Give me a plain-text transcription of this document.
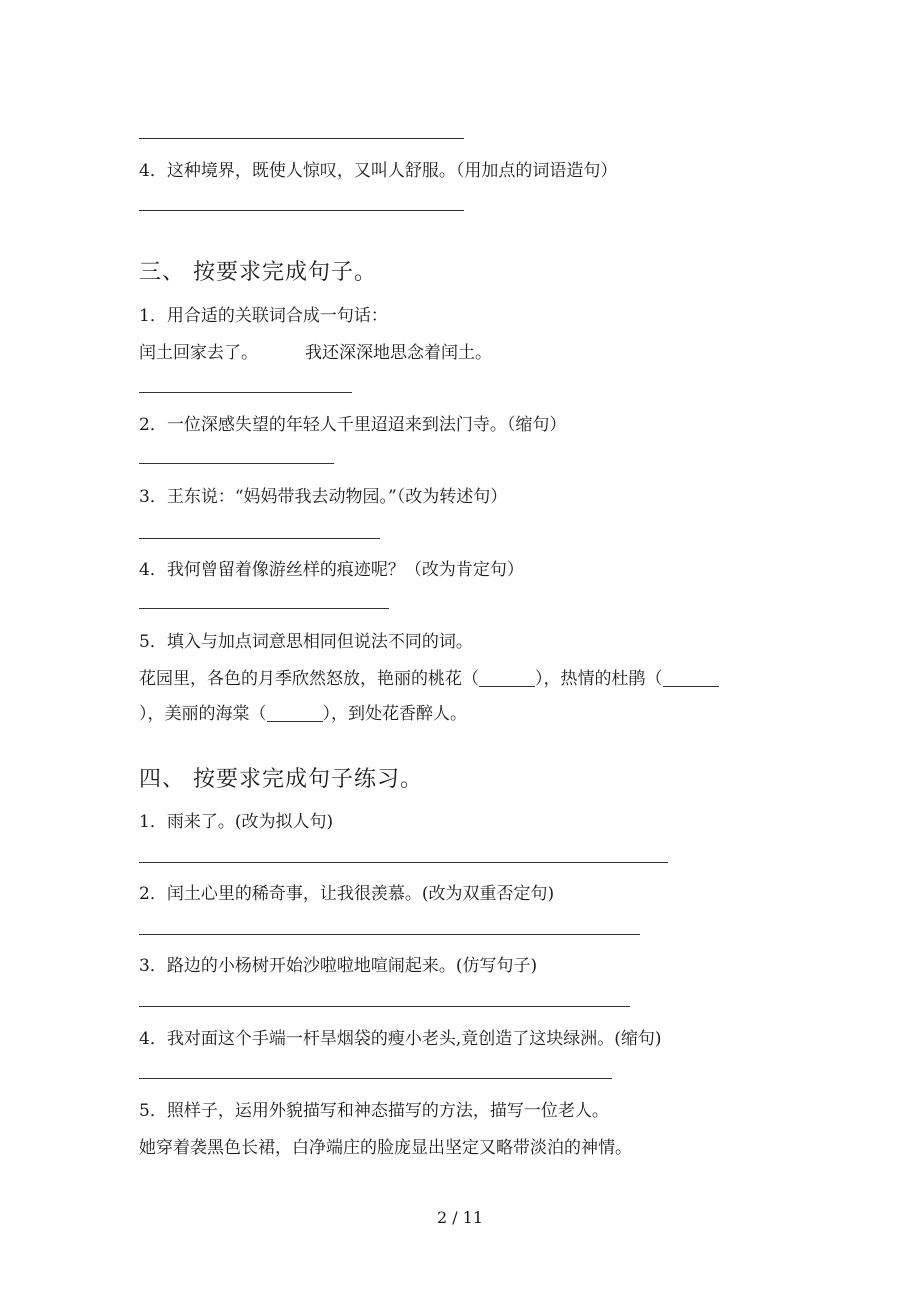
4．这种境界，既使人惊叹，又叫人舒服。（用加点的词语造句）
三、 按要求完成句子。
1．用合适的关联词合成一句话：
闰土回家去了。	我还深深地思念着闰土。
2．一位深感失望的年轻人千里迢迢来到法门寺。（缩句）
3．王东说：“妈妈带我去动物园。”（改为转述句）
4．我何曾留着像游丝样的痕迹呢？（改为肯定句）
5．填入与加点词意思相同但说法不同的词。
花园里，各色的月季欣然怒放，艳丽的桃花（	），热情的杜鹃（
），美丽的海棠（	），到处花香醉人。
四、 按要求完成句子练习。
1．雨来了。(改为拟人句)
2．闰土心里的稀奇事，让我很羡慕。(改为双重否定句)
3．路边的小杨树开始沙啦啦地喧闹起来。(仿写句子)
4．我对面这个手端一杆旱烟袋的瘦小老头,竟创造了这块绿洲。(缩句)
5．照样子，运用外貌描写和神态描写的方法，描写一位老人。
她穿着袭黑色长裙，白净端庄的脸庞显出坚定又略带淡泊的神情。
2 / 11
